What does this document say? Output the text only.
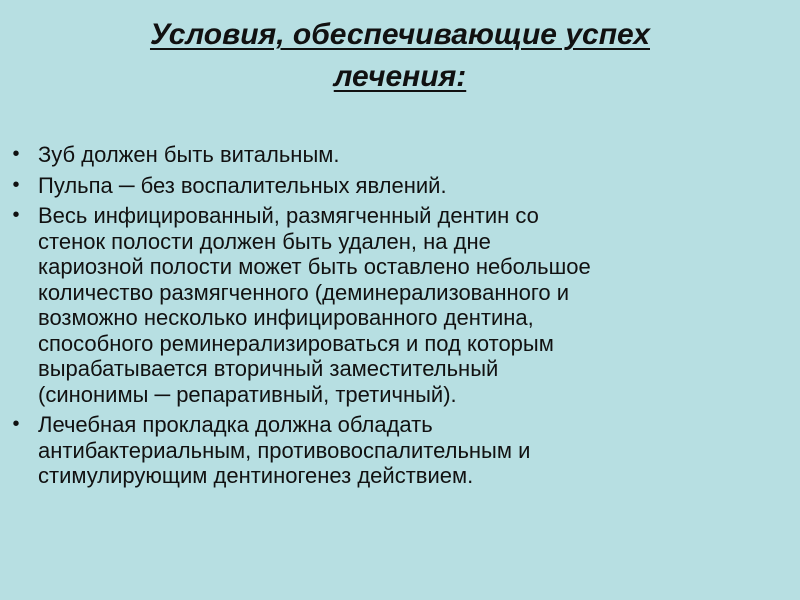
Условия, обеспечивающие успех
лечения:
• Зуб должен быть витальным.
• Пульпа ─ без воспалительных явлений.
• Весь инфицированный, размягченный дентин со
стенок полости должен быть удален, на дне
кариозной полости может быть оставлено небольшое
количество размягченного (деминерализованного и
возможно несколько инфицированного дентина,
способного реминерализироваться и под которым
вырабатывается вторичный заместительный
(синонимы ─ репаративный, третичный).
• Лечебная прокладка должна обладать
антибактериальным, противовоспалительным и
стимулирующим дентиногенез действием.
